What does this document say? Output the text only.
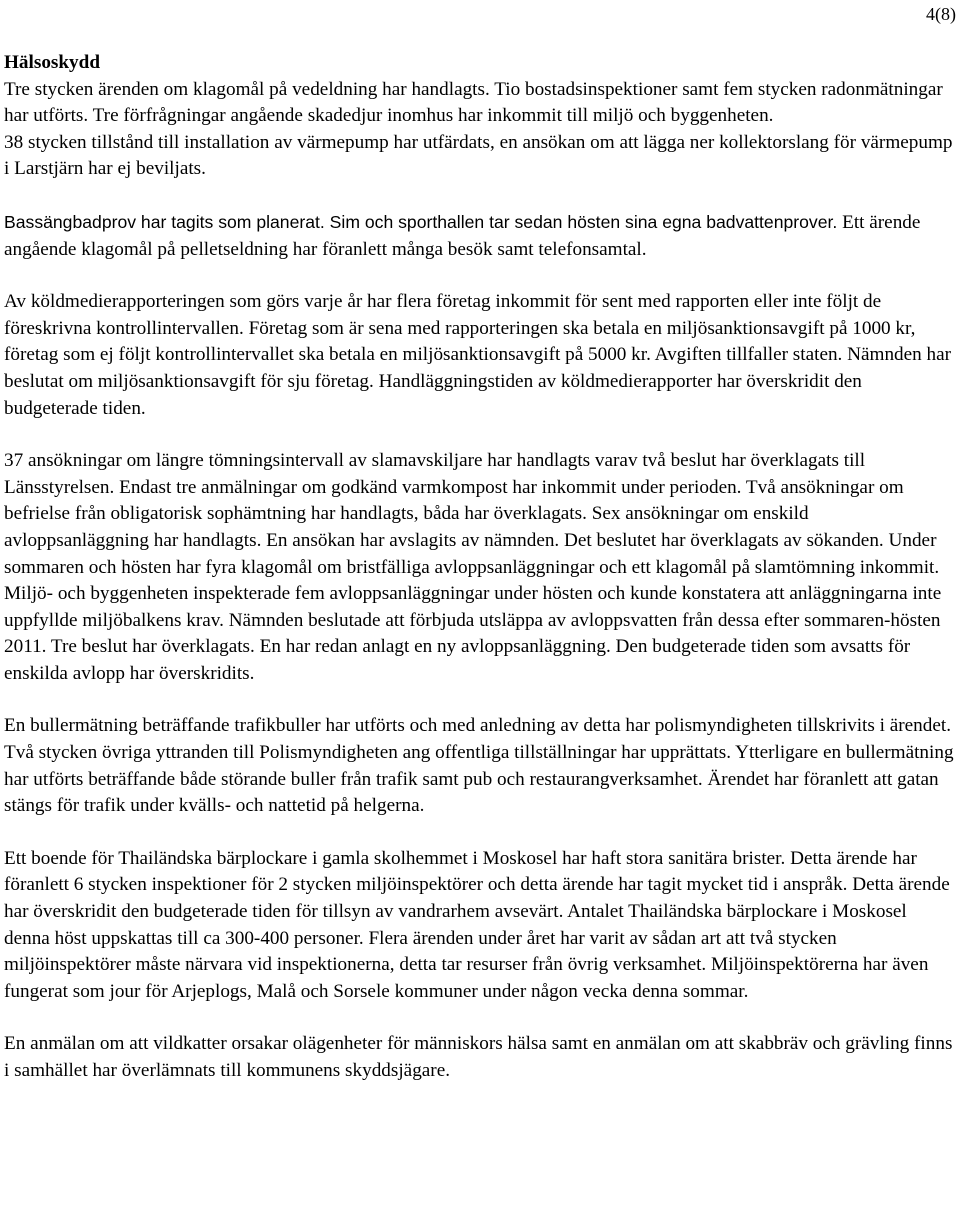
4(8)

Hälsoskydd

Tre stycken ärenden om klagomål på vedeldning har handlagts. Tio bostadsinspektioner samt fem stycken radonmätningar har utförts. Tre förfrågningar angående skadedjur inomhus har inkommit till miljö och byggenheten.

38 stycken tillstånd till installation av värmepump har utfärdats, en ansökan om att lägga ner kollektorslang för värmepump i Larstjärn har ej beviljats.

Bassängbadprov har tagits som planerat. Sim och sporthallen tar sedan hösten sina egna badvattenprover. Ett ärende angående klagomål på pelletseldning har föranlett många besök samt telefonsamtal.

Av köldmedierapporteringen som görs varje år har flera företag inkommit för sent med rapporten eller inte följt de föreskrivna kontrollintervallen. Företag som är sena med rapporteringen ska betala en miljösanktionsavgift på 1000 kr, företag som ej följt kontrollintervallet ska betala en miljösanktionsavgift på 5000 kr. Avgiften tillfaller staten. Nämnden har beslutat om miljösanktionsavgift för sju företag. Handläggningstiden av köldmedierapporter har överskridit den budgeterade tiden.

37 ansökningar om längre tömningsintervall av slamavskiljare har handlagts varav två beslut har överklagats till Länsstyrelsen. Endast tre anmälningar om godkänd varmkompost har inkommit under perioden. Två ansökningar om befrielse från obligatorisk sophämtning har handlagts, båda har överklagats. Sex ansökningar om enskild avloppsanläggning har handlagts. En ansökan har avslagits av nämnden. Det beslutet har överklagats av sökanden. Under sommaren och hösten har fyra klagomål om bristfälliga avloppsanläggningar och ett klagomål på slamtömning inkommit. Miljö- och byggenheten inspekterade fem avloppsanläggningar under hösten och kunde konstatera att anläggningarna inte uppfyllde miljöbalkens krav. Nämnden beslutade att förbjuda utsläppa av avloppsvatten från dessa efter sommaren-hösten 2011. Tre beslut har överklagats. En har redan anlagt en ny avloppsanläggning. Den budgeterade tiden som avsatts för enskilda avlopp har överskridits.

En bullermätning beträffande trafikbuller har utförts och med anledning av detta har polismyndigheten tillskrivits i ärendet. Två stycken övriga yttranden till Polismyndigheten ang offentliga tillställningar har upprättats. Ytterligare en bullermätning har utförts beträffande både störande buller från trafik samt pub och restaurangverksamhet. Ärendet har föranlett att gatan stängs för trafik under kvälls- och nattetid på helgerna.

Ett boende för Thailändska bärplockare i gamla skolhemmet i Moskosel har haft stora sanitära brister. Detta ärende har föranlett 6 stycken inspektioner för 2 stycken miljöinspektörer och detta ärende har tagit mycket tid i anspråk. Detta ärende har överskridit den budgeterade tiden för tillsyn av vandrarhem avsevärt. Antalet Thailändska bärplockare i Moskosel denna höst uppskattas till ca 300-400 personer. Flera ärenden under året har varit av sådan art att två stycken miljöinspektörer måste närvara vid inspektionerna, detta tar resurser från övrig verksamhet. Miljöinspektörerna har även fungerat som jour för Arjeplogs, Malå och Sorsele kommuner under någon vecka denna sommar.

En anmälan om att vildkatter orsakar olägenheter för människors hälsa samt en anmälan om att skabbräv och grävling finns i samhället har överlämnats till kommunens skyddsjägare.
